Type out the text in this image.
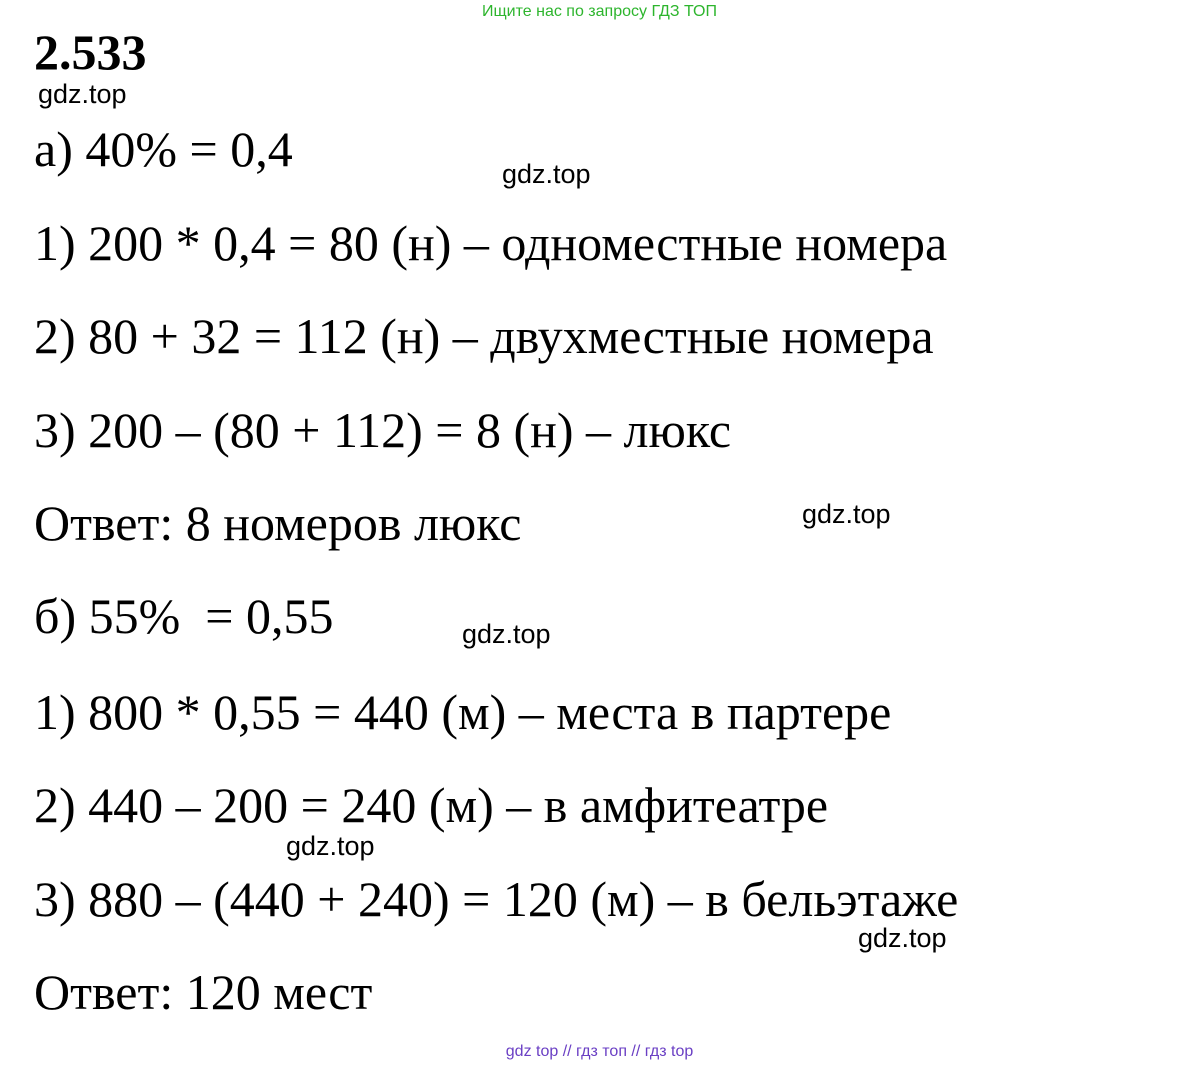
Ищите нас по запросу ГДЗ ТОП
2.533
gdz.top
а) 40% = 0,4	gdz.top
1) 200 * 0,4 = 80 (н) – одноместные номера
2) 80 + 32 = 112 (н) – двухместные номера
3) 200 – (80 + 112) = 8 (н) – люкс
Ответ: 8 номеров люкс	gdz.top
б) 55%  = 0,55	gdz.top
1) 800 * 0,55 = 440 (м) – места в партере
2) 440 – 200 = 240 (м) – в амфитеатре
gdz.top
3) 880 – (440 + 240) = 120 (м) – в бельэтаже
gdz.top
Ответ: 120 мест
gdz top // гдз топ // гдз top
